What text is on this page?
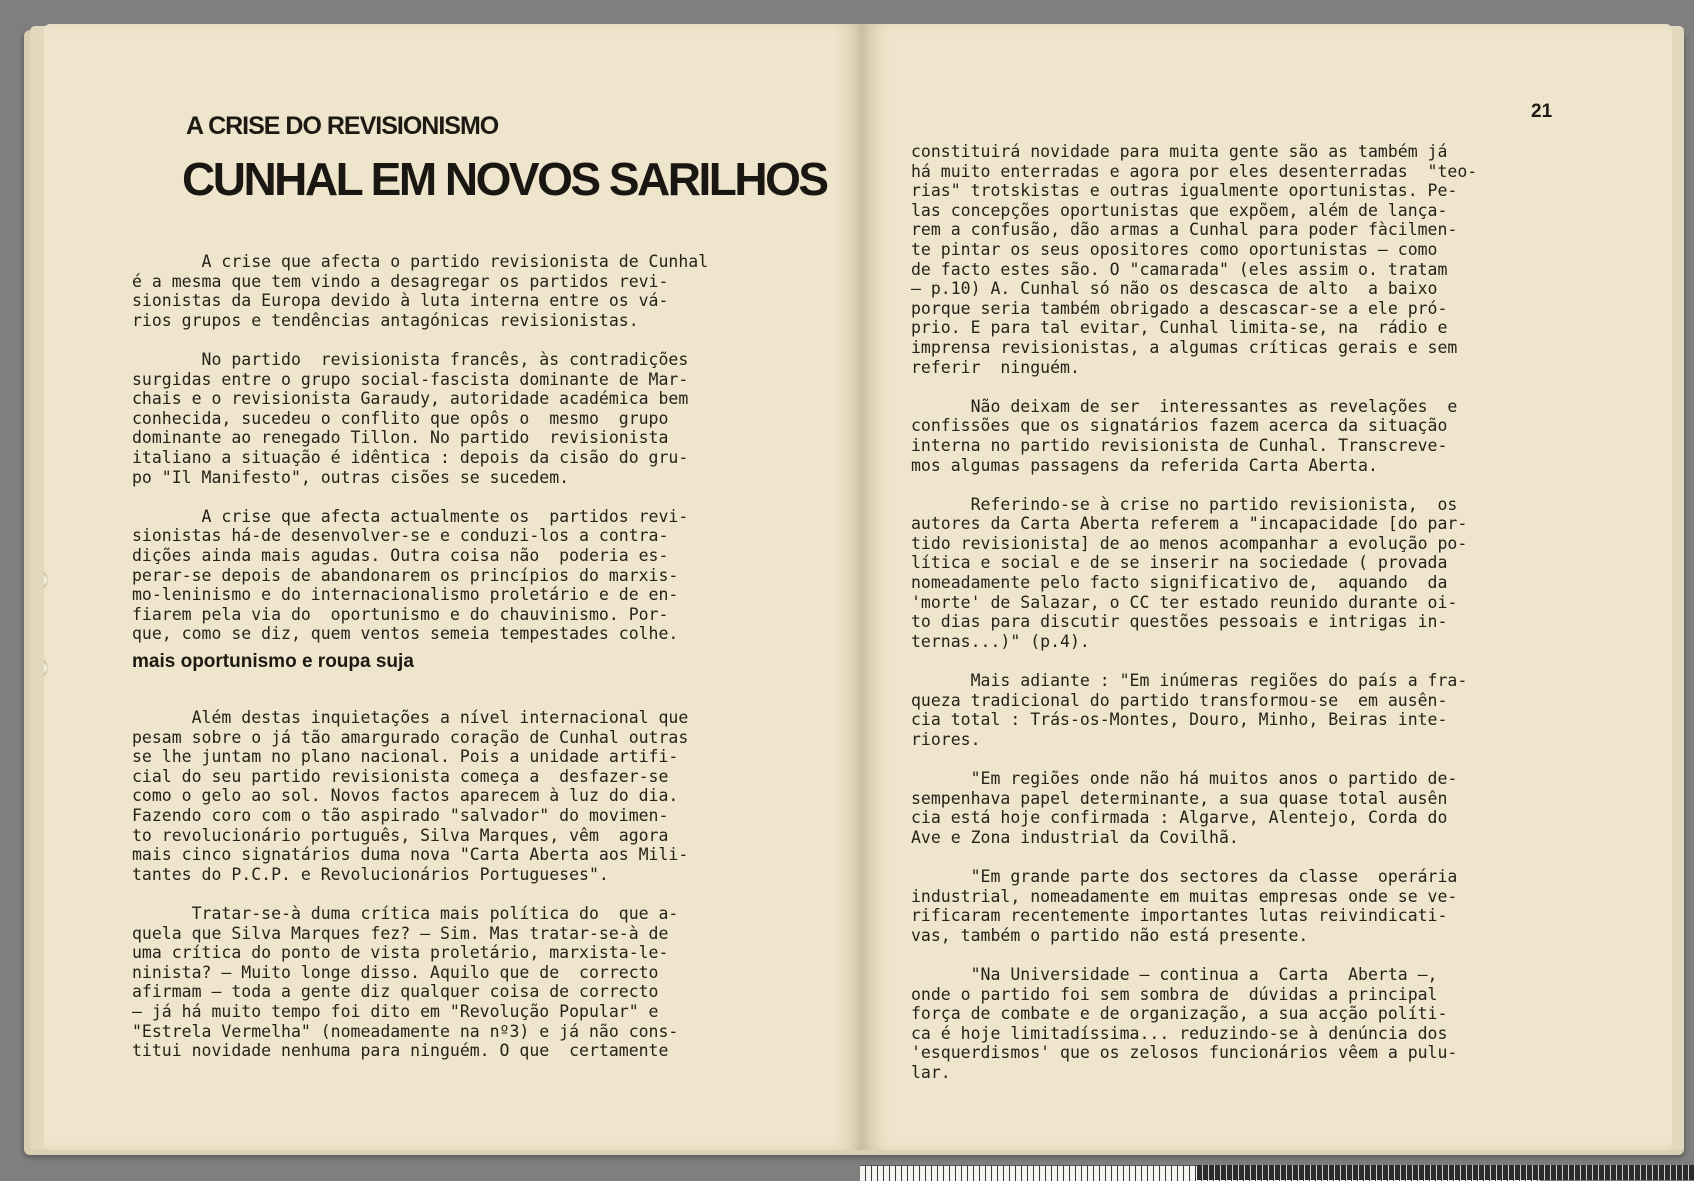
A CRISE DO REVISIONISMO
CUNHAL EM NOVOS SARILHOS

A crise que afecta o partido revisionista de Cunhal
é a mesma que tem vindo a desagregar os partidos revi-
sionistas da Europa devido à luta interna entre os vá-
rios grupos e tendências antagónicas revisionistas.

No partido  revisionista francês, às contradições
surgidas entre o grupo social-fascista dominante de Mar-
chais e o revisionista Garaudy, autoridade académica bem
conhecida, sucedeu o conflito que opôs o  mesmo  grupo
dominante ao renegado Tillon. No partido  revisionista
italiano a situação é idêntica : depois da cisão do gru-
po "Il Manifesto", outras cisões se sucedem.

A crise que afecta actualmente os  partidos revi-
sionistas há-de desenvolver-se e conduzi-los a contra-
dições ainda mais agudas. Outra coisa não  poderia es-
perar-se depois de abandonarem os princípios do marxis-
mo-leninismo e do internacionalismo proletário e de en-
fiarem pela via do  oportunismo e do chauvinismo. Por-
que, como se diz, quem ventos semeia tempestades colhe.

mais oportunismo e roupa suja

Além destas inquietações a nível internacional que
pesam sobre o já tão amargurado coração de Cunhal outras
se lhe juntam no plano nacional. Pois a unidade artifi-
cial do seu partido revisionista começa a  desfazer-se
como o gelo ao sol. Novos factos aparecem à luz do dia.
Fazendo coro com o tão aspirado "salvador" do movimen-
to revolucionário português, Silva Marques, vêm  agora
mais cinco signatários duma nova "Carta Aberta aos Mili-
tantes do P.C.P. e Revolucionários Portugueses".

Tratar-se-à duma crítica mais política do  que a-
quela que Silva Marques fez? — Sim. Mas tratar-se-à de
uma crítica do ponto de vista proletário, marxista-le-
ninista? — Muito longe disso. Aquilo que de  correcto
afirmam — toda a gente diz qualquer coisa de correcto
— já há muito tempo foi dito em "Revolução Popular" e
"Estrela Vermelha" (nomeadamente na nº3) e já não cons-
titui novidade nenhuma para ninguém. O que  certamente

21

constituirá novidade para muita gente são as também já
há muito enterradas e agora por eles desenterradas  "teo-
rias" trotskistas e outras igualmente oportunistas. Pe-
las concepções oportunistas que expõem, além de lança-
rem a confusão, dão armas a Cunhal para poder fàcilmen-
te pintar os seus opositores como oportunistas — como
de facto estes são. O "camarada" (eles assim o. tratam
— p.10) A. Cunhal só não os descasca de alto  a baixo
porque seria também obrigado a descascar-se a ele pró-
prio. E para tal evitar, Cunhal limita-se, na  rádio e
imprensa revisionistas, a algumas críticas gerais e sem
referir  ninguém.

Não deixam de ser  interessantes as revelações  e
confissões que os signatários fazem acerca da situação
interna no partido revisionista de Cunhal. Transcreve-
mos algumas passagens da referida Carta Aberta.

Referindo-se à crise no partido revisionista,  os
autores da Carta Aberta referem a "incapacidade [do par-
tido revisionista] de ao menos acompanhar a evolução po-
lítica e social e de se inserir na sociedade ( provada
nomeadamente pelo facto significativo de,  aquando  da
'morte' de Salazar, o CC ter estado reunido durante oi-
to dias para discutir questões pessoais e intrigas in-
ternas...)" (p.4).

Mais adiante : "Em inúmeras regiões do país a fra-
queza tradicional do partido transformou-se  em ausên-
cia total : Trás-os-Montes, Douro, Minho, Beiras inte-
riores.

"Em regiões onde não há muitos anos o partido de-
sempenhava papel determinante, a sua quase total ausên
cia está hoje confirmada : Algarve, Alentejo, Corda do
Ave e Zona industrial da Covilhã.

"Em grande parte dos sectores da classe  operária
industrial, nomeadamente em muitas empresas onde se ve-
rificaram recentemente importantes lutas reivindicati-
vas, também o partido não está presente.

"Na Universidade — continua a  Carta  Aberta —,
onde o partido foi sem sombra de  dúvidas a principal
força de combate e de organização, a sua acção políti-
ca é hoje limitadíssima... reduzindo-se à denúncia dos
'esquerdismos' que os zelosos funcionários vêem a pulu-
lar.
